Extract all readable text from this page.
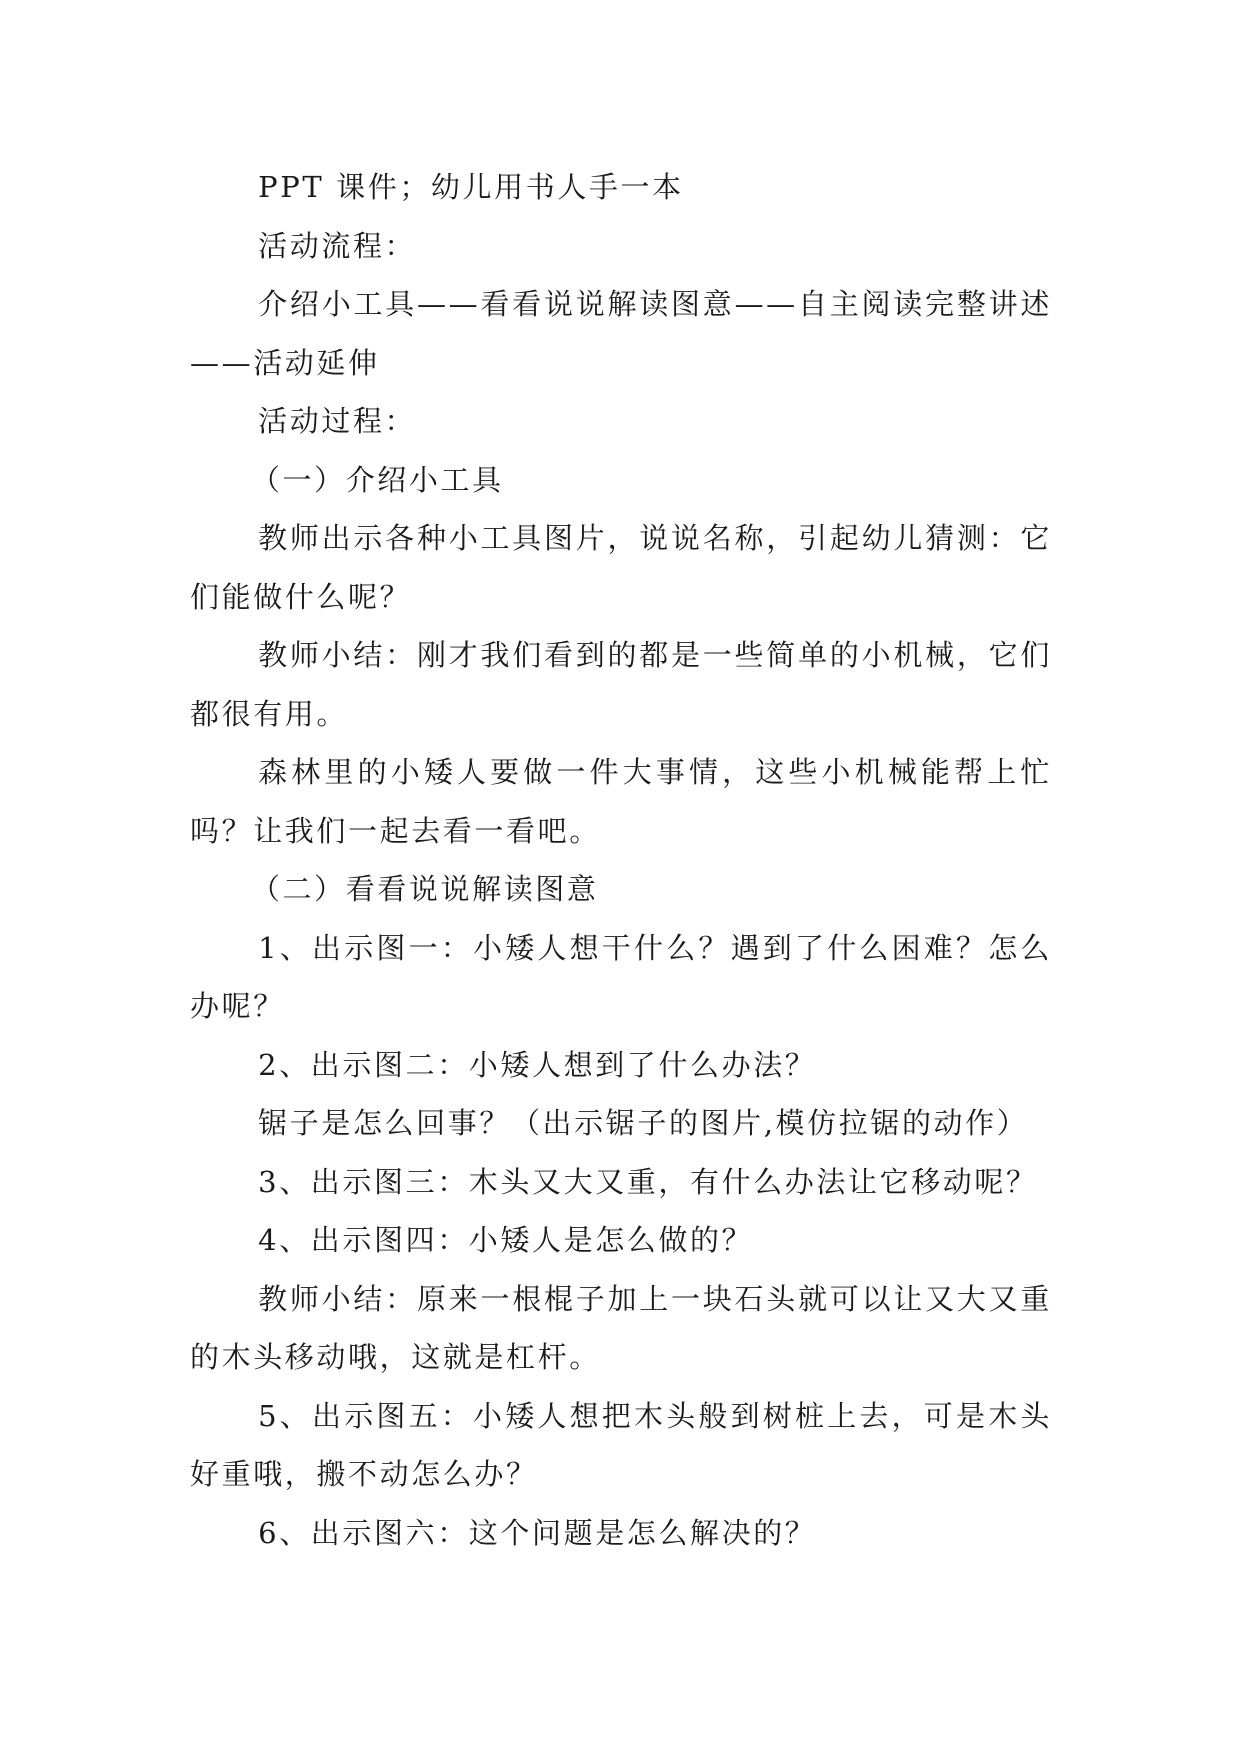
PPT 课件；幼儿用书人手一本

活动流程：

介绍小工具——看看说说解读图意——自主阅读完整讲述——活动延伸

活动过程：

（一）介绍小工具

教师出示各种小工具图片，说说名称，引起幼儿猜测：它们能做什么呢？

教师小结：刚才我们看到的都是一些简单的小机械，它们都很有用。

森林里的小矮人要做一件大事情，这些小机械能帮上忙吗？让我们一起去看一看吧。

（二）看看说说解读图意

1、出示图一：小矮人想干什么？遇到了什么困难？怎么办呢？

2、出示图二：小矮人想到了什么办法？

锯子是怎么回事？（出示锯子的图片,模仿拉锯的动作）

3、出示图三：木头又大又重，有什么办法让它移动呢？

4、出示图四：小矮人是怎么做的？

教师小结：原来一根棍子加上一块石头就可以让又大又重的木头移动哦，这就是杠杆。

5、出示图五：小矮人想把木头般到树桩上去，可是木头好重哦，搬不动怎么办？

6、出示图六：这个问题是怎么解决的？
